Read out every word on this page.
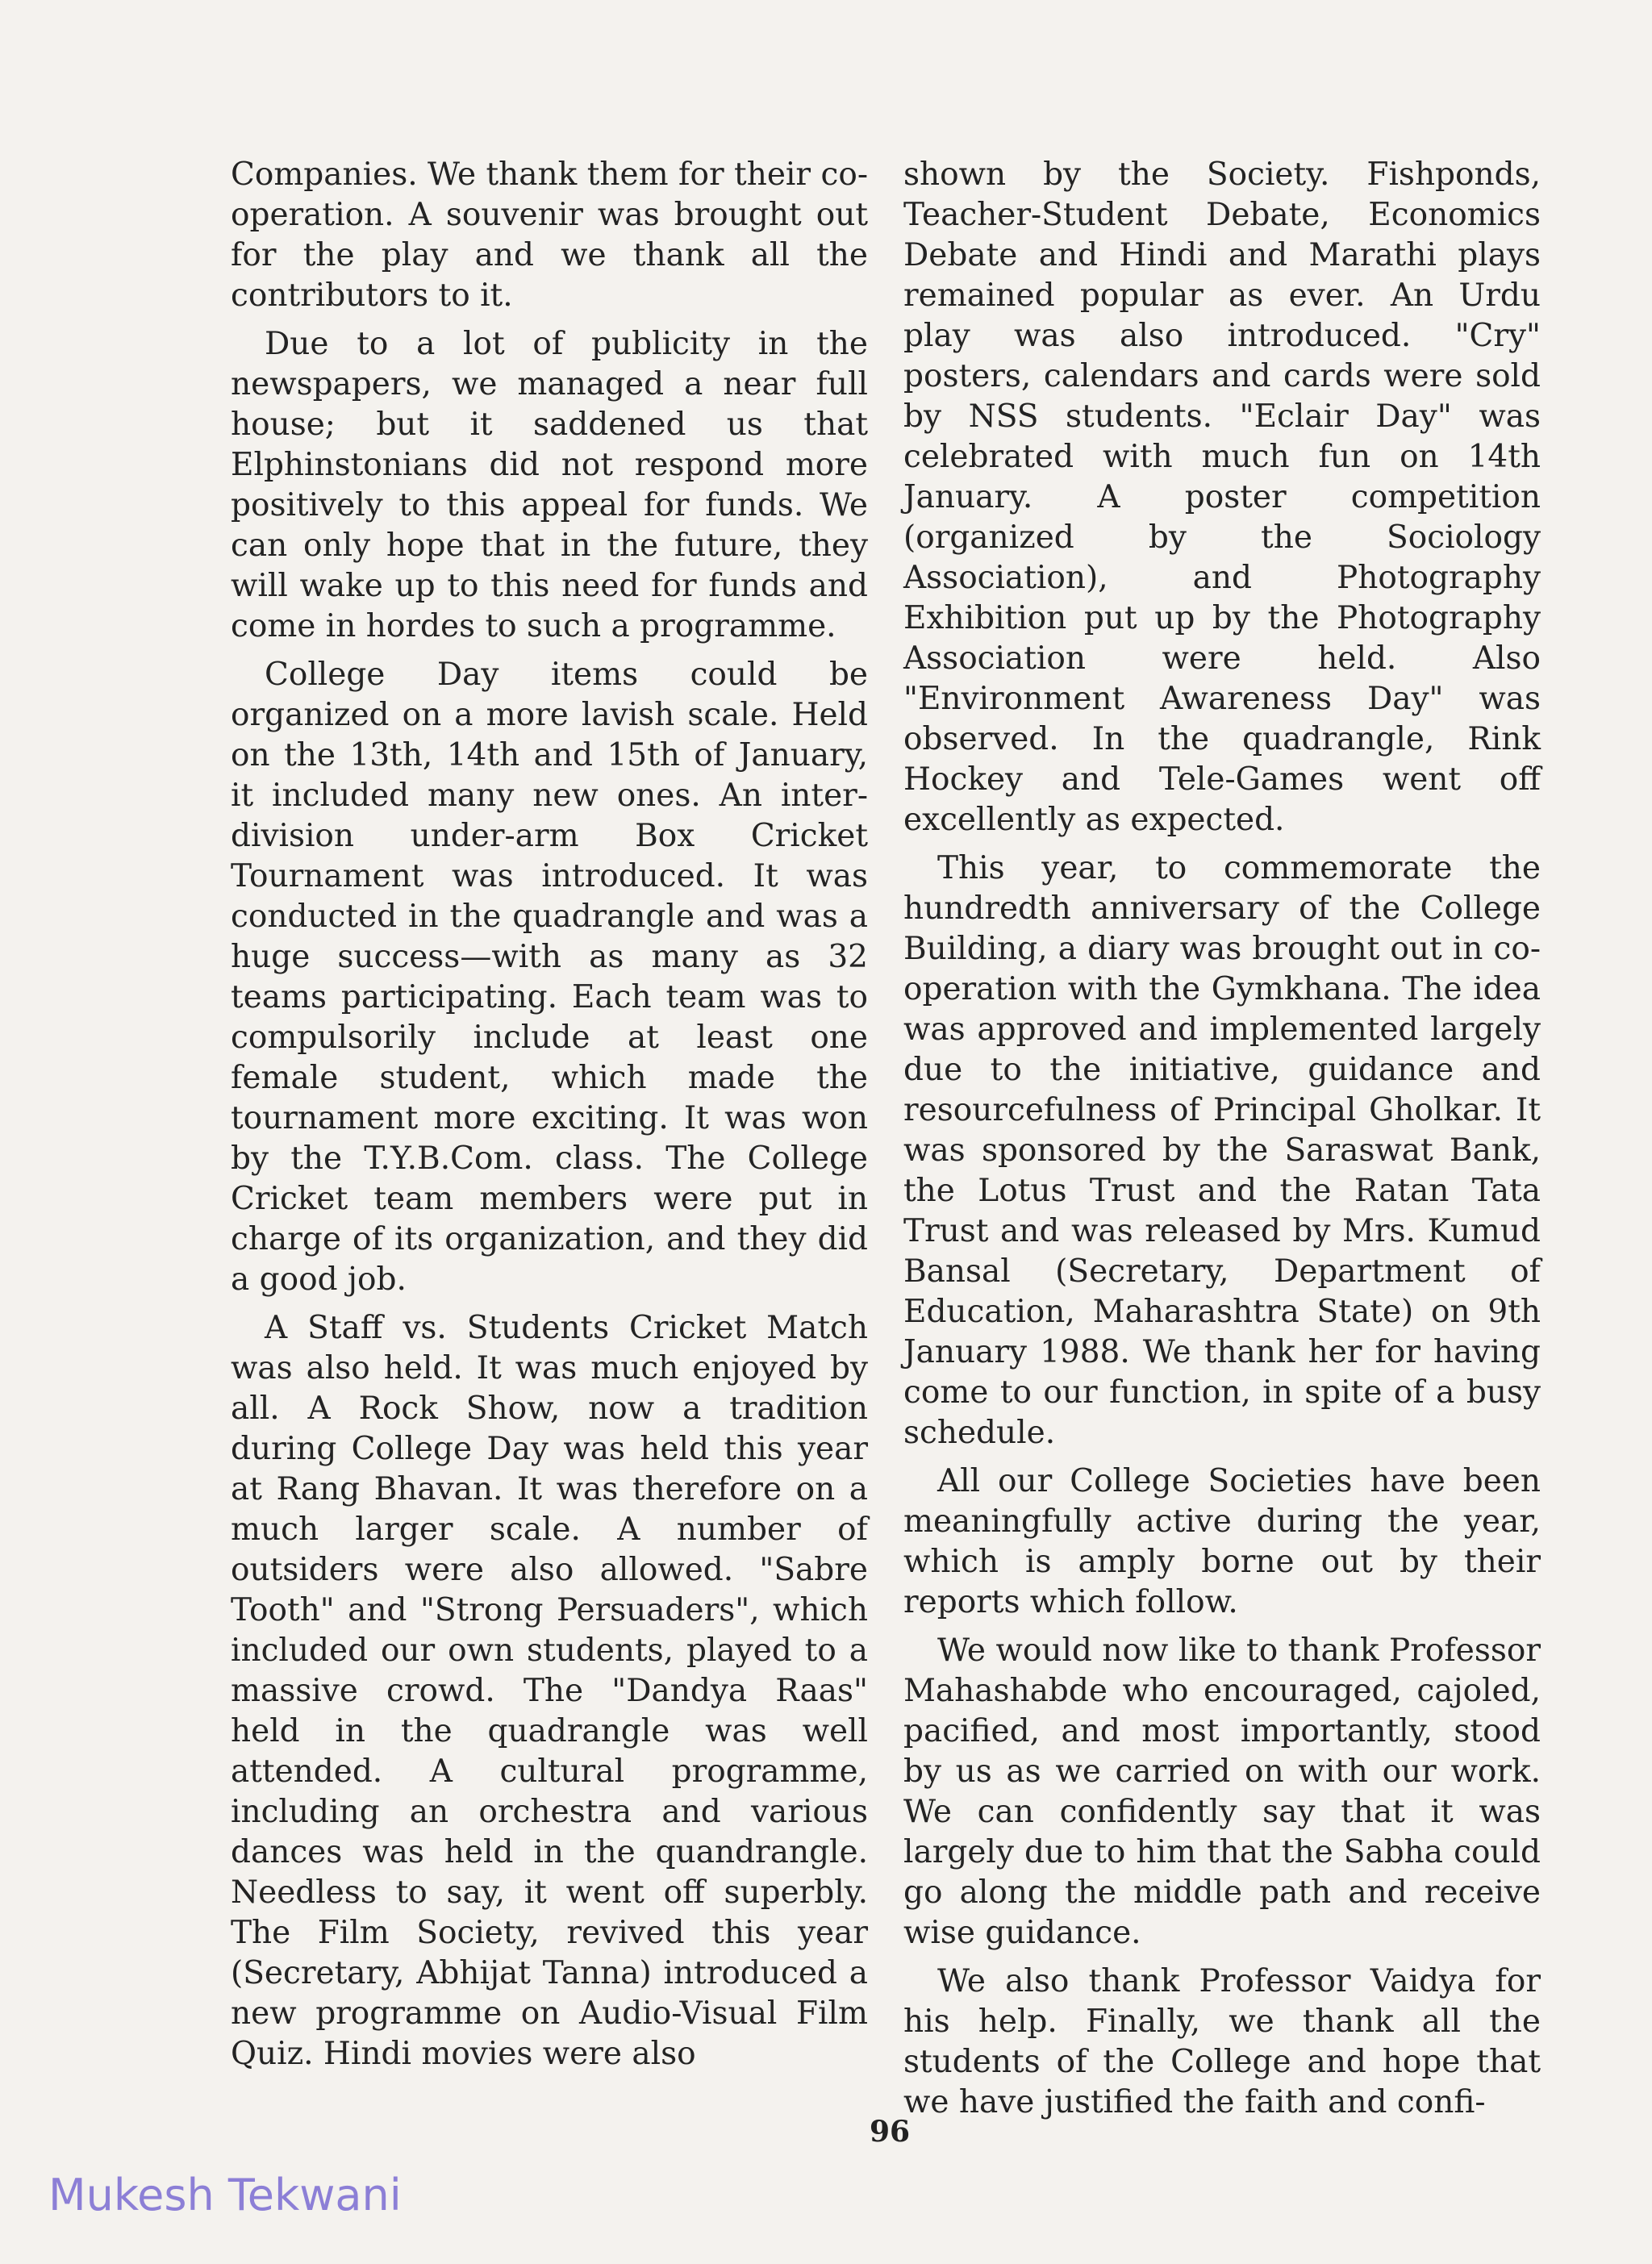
Companies. We thank them for their co-operation. A souvenir was brought out for the play and we thank all the contributors to it.

Due to a lot of publicity in the newspapers, we managed a near full house; but it saddened us that Elphinstonians did not respond more positively to this appeal for funds. We can only hope that in the future, they will wake up to this need for funds and come in hordes to such a programme.

College Day items could be organized on a more lavish scale. Held on the 13th, 14th and 15th of January, it included many new ones. An inter-division under-arm Box Cricket Tournament was introduced. It was conducted in the quadrangle and was a huge success—with as many as 32 teams participating. Each team was to compulsorily include at least one female student, which made the tournament more exciting. It was won by the T.Y.B.Com. class. The College Cricket team members were put in charge of its organization, and they did a good job.

A Staff vs. Students Cricket Match was also held. It was much enjoyed by all. A Rock Show, now a tradition during College Day was held this year at Rang Bhavan. It was therefore on a much larger scale. A number of outsiders were also allowed. "Sabre Tooth" and "Strong Persuaders", which included our own students, played to a massive crowd. The "Dandya Raas" held in the quadrangle was well attended. A cultural programme, including an orchestra and various dances was held in the quandrangle. Needless to say, it went off superbly. The Film Society, revived this year (Secretary, Abhijat Tanna) introduced a new programme on Audio-Visual Film Quiz. Hindi movies were also

shown by the Society. Fishponds, Teacher-Student Debate, Economics Debate and Hindi and Marathi plays remained popular as ever. An Urdu play was also introduced. "Cry" posters, calendars and cards were sold by NSS students. "Eclair Day" was celebrated with much fun on 14th January. A poster competition (organized by the Sociology Association), and Photography Exhibition put up by the Photography Association were held. Also "Environment Awareness Day" was observed. In the quadrangle, Rink Hockey and Tele-Games went off excellently as expected.

This year, to commemorate the hundredth anniversary of the College Building, a diary was brought out in co-operation with the Gymkhana. The idea was approved and implemented largely due to the initiative, guidance and resourcefulness of Principal Gholkar. It was sponsored by the Saraswat Bank, the Lotus Trust and the Ratan Tata Trust and was released by Mrs. Kumud Bansal (Secretary, Department of Education, Maharashtra State) on 9th January 1988. We thank her for having come to our function, in spite of a busy schedule.

All our College Societies have been meaningfully active during the year, which is amply borne out by their reports which follow.

We would now like to thank Professor Mahashabde who encouraged, cajoled, pacified, and most importantly, stood by us as we carried on with our work. We can confidently say that it was largely due to him that the Sabha could go along the middle path and receive wise guidance.

We also thank Professor Vaidya for his help. Finally, we thank all the students of the College and hope that we have justified the faith and confi-

96
Mukesh Tekwani
